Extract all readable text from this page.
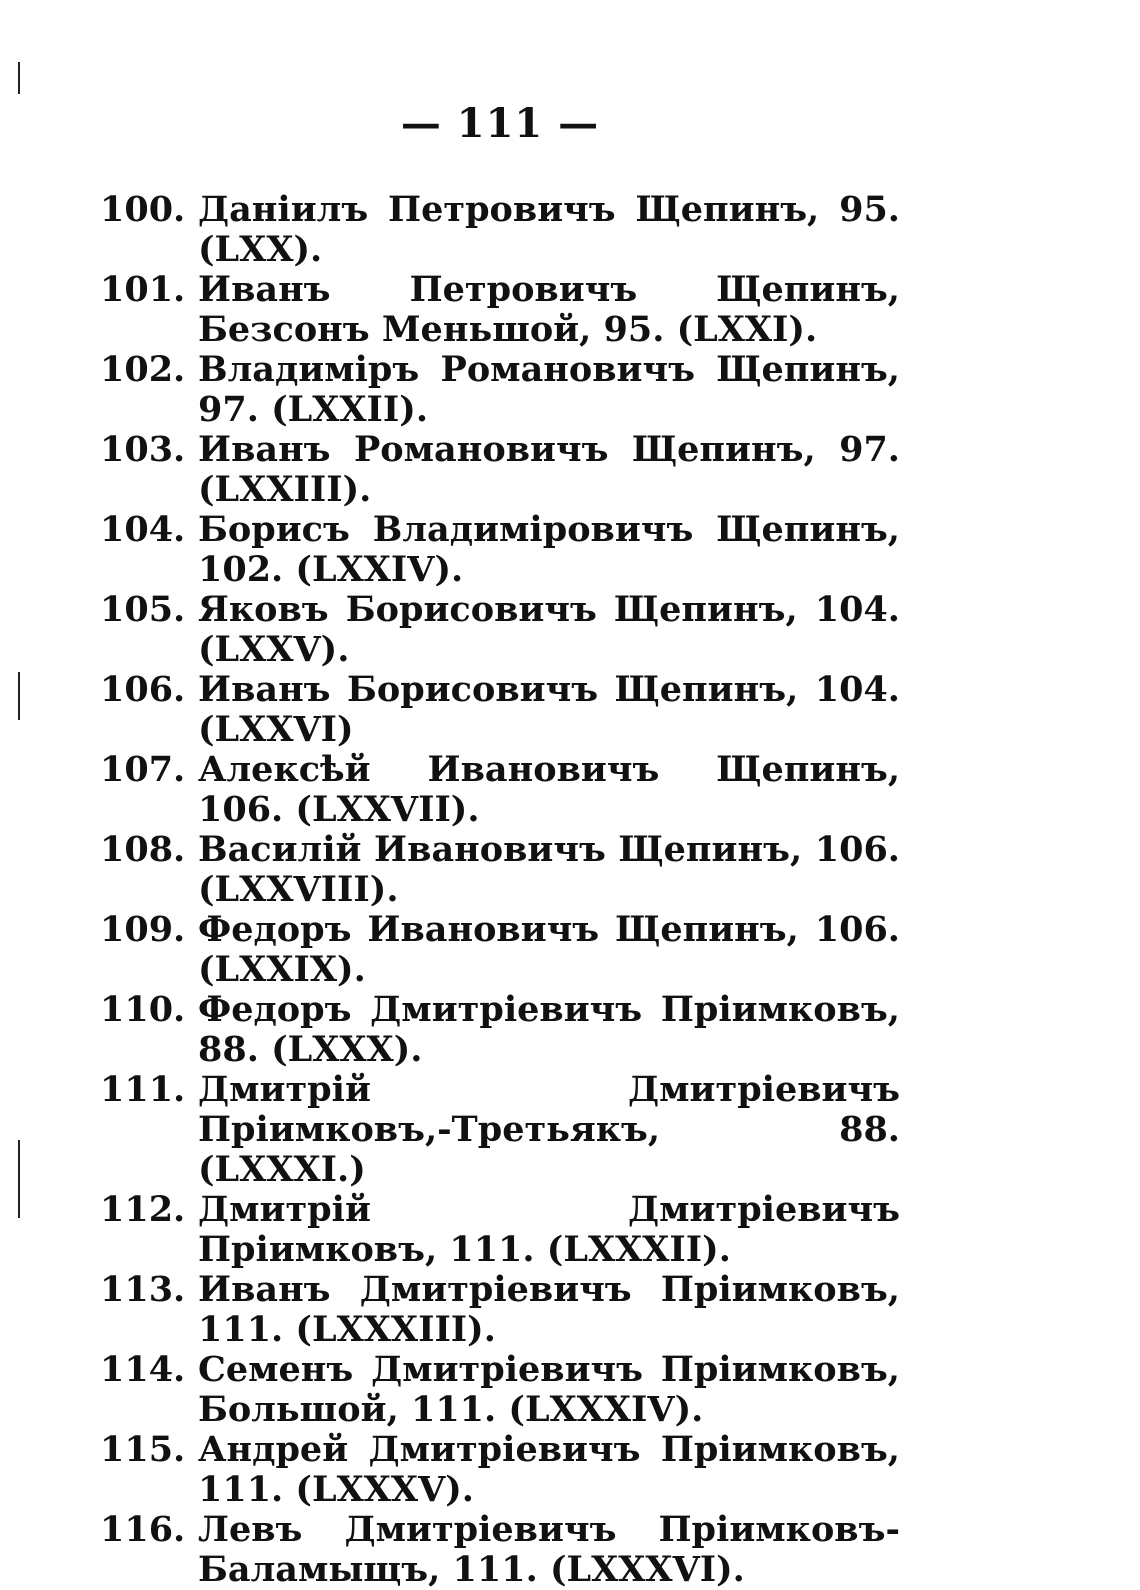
— 111 —
100. Даніилъ Петровичъ Щепинъ, 95. (LXX).
101. Иванъ Петровичъ Щепинъ, Безсонъ Меньшой, 95. (LXXI).
102. Владиміръ Романовичъ Щепинъ, 97. (LXXII).
103. Иванъ Романовичъ Щепинъ, 97.(LXXIII).
104. Борисъ Владиміровичъ Щепинъ, 102. (LXXIV).
105. Яковъ Борисовичъ Щепинъ, 104. (LXXV).
106. Иванъ Борисовичъ Щепинъ, 104. (LXXVI)
107. Алексѣй Ивановичъ Щепинъ, 106. (LXXVII).
108. Василій Ивановичъ Щепинъ, 106. (LXXVIII).
109. Федоръ Ивановичъ Щепинъ, 106. (LXXIX).
110. Федоръ Дмитріевичъ Пріимковъ, 88. (LXXX).
111. Дмитрій Дмитріевичъ Пріимковъ,-Третьякъ, 88. (LXXXI.)
112. Дмитрій Дмитріевичъ Пріимковъ, 111. (LXXXII).
113. Иванъ Дмитріевичъ Пріимковъ, 111. (LXXXIII).
114. Семенъ Дмитріевичъ Пріимковъ, Большой, 111. (LXXXIV).
115. Андрей Дмитріевичъ Пріимковъ, 111. (LXXXV).
116. Левъ Дмитріевичъ Пріимковъ-Баламыщъ, 111. (LXXXVI).
